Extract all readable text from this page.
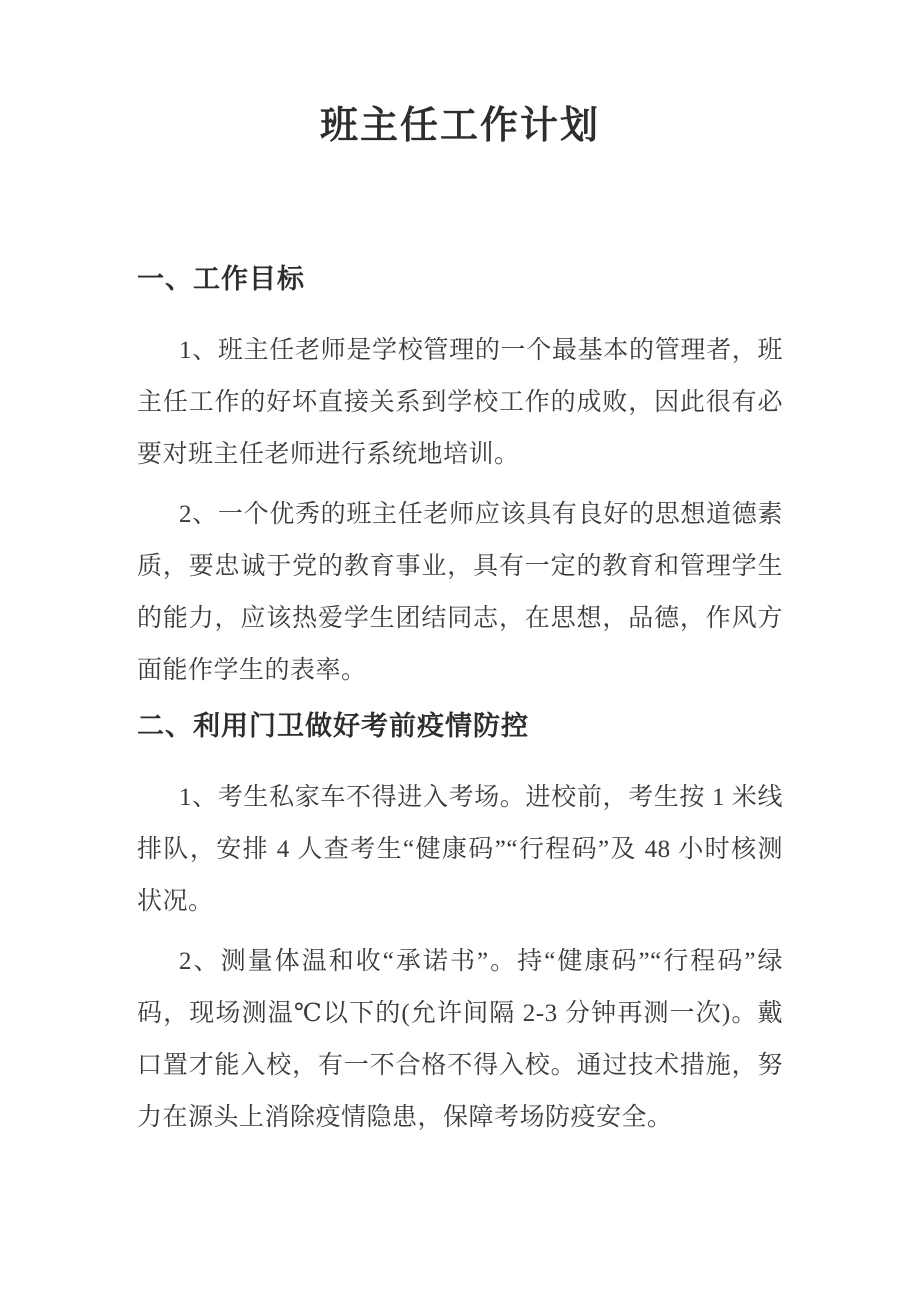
班主任工作计划
一、工作目标

1、班主任老师是学校管理的一个最基本的管理者，班主任工作的好坏直接关系到学校工作的成败，因此很有必要对班主任老师进行系统地培训。

2、一个优秀的班主任老师应该具有良好的思想道德素质，要忠诚于党的教育事业，具有一定的教育和管理学生的能力，应该热爱学生团结同志，在思想，品德，作风方面能作学生的表率。

二、利用门卫做好考前疫情防控

1、考生私家车不得进入考场。进校前，考生按 1 米线排队，安排 4 人查考生“健康码”“行程码”及 48 小时核测状况。

2、测量体温和收“承诺书”。持“健康码”“行程码”绿码，现场测温℃以下的(允许间隔 2-3 分钟再测一次)。戴口置才能入校，有一不合格不得入校。通过技术措施，努力在源头上消除疫情隐患，保障考场防疫安全。
